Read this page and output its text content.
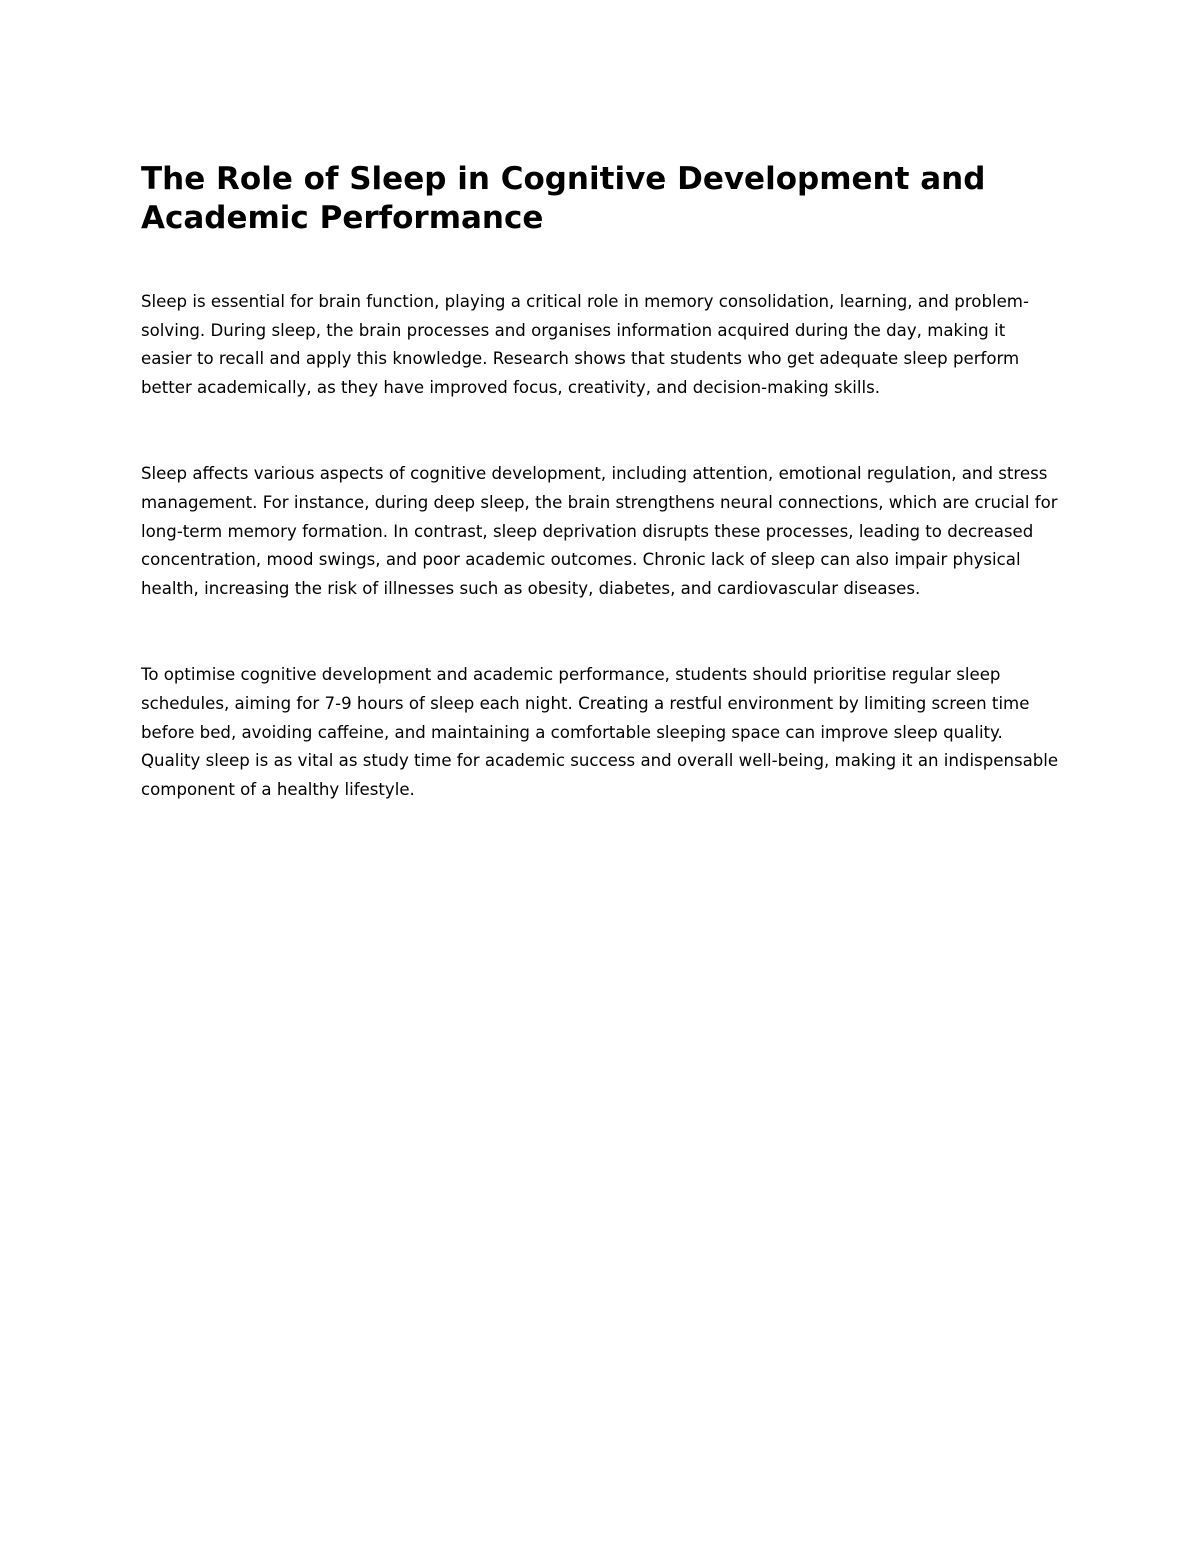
The Role of Sleep in Cognitive Development and Academic Performance

Sleep is essential for brain function, playing a critical role in memory consolidation, learning, and problem-solving. During sleep, the brain processes and organises information acquired during the day, making it easier to recall and apply this knowledge. Research shows that students who get adequate sleep perform better academically, as they have improved focus, creativity, and decision-making skills.

Sleep affects various aspects of cognitive development, including attention, emotional regulation, and stress management. For instance, during deep sleep, the brain strengthens neural connections, which are crucial for long-term memory formation. In contrast, sleep deprivation disrupts these processes, leading to decreased concentration, mood swings, and poor academic outcomes. Chronic lack of sleep can also impair physical health, increasing the risk of illnesses such as obesity, diabetes, and cardiovascular diseases.

To optimise cognitive development and academic performance, students should prioritise regular sleep schedules, aiming for 7-9 hours of sleep each night. Creating a restful environment by limiting screen time before bed, avoiding caffeine, and maintaining a comfortable sleeping space can improve sleep quality. Quality sleep is as vital as study time for academic success and overall well-being, making it an indispensable component of a healthy lifestyle.
